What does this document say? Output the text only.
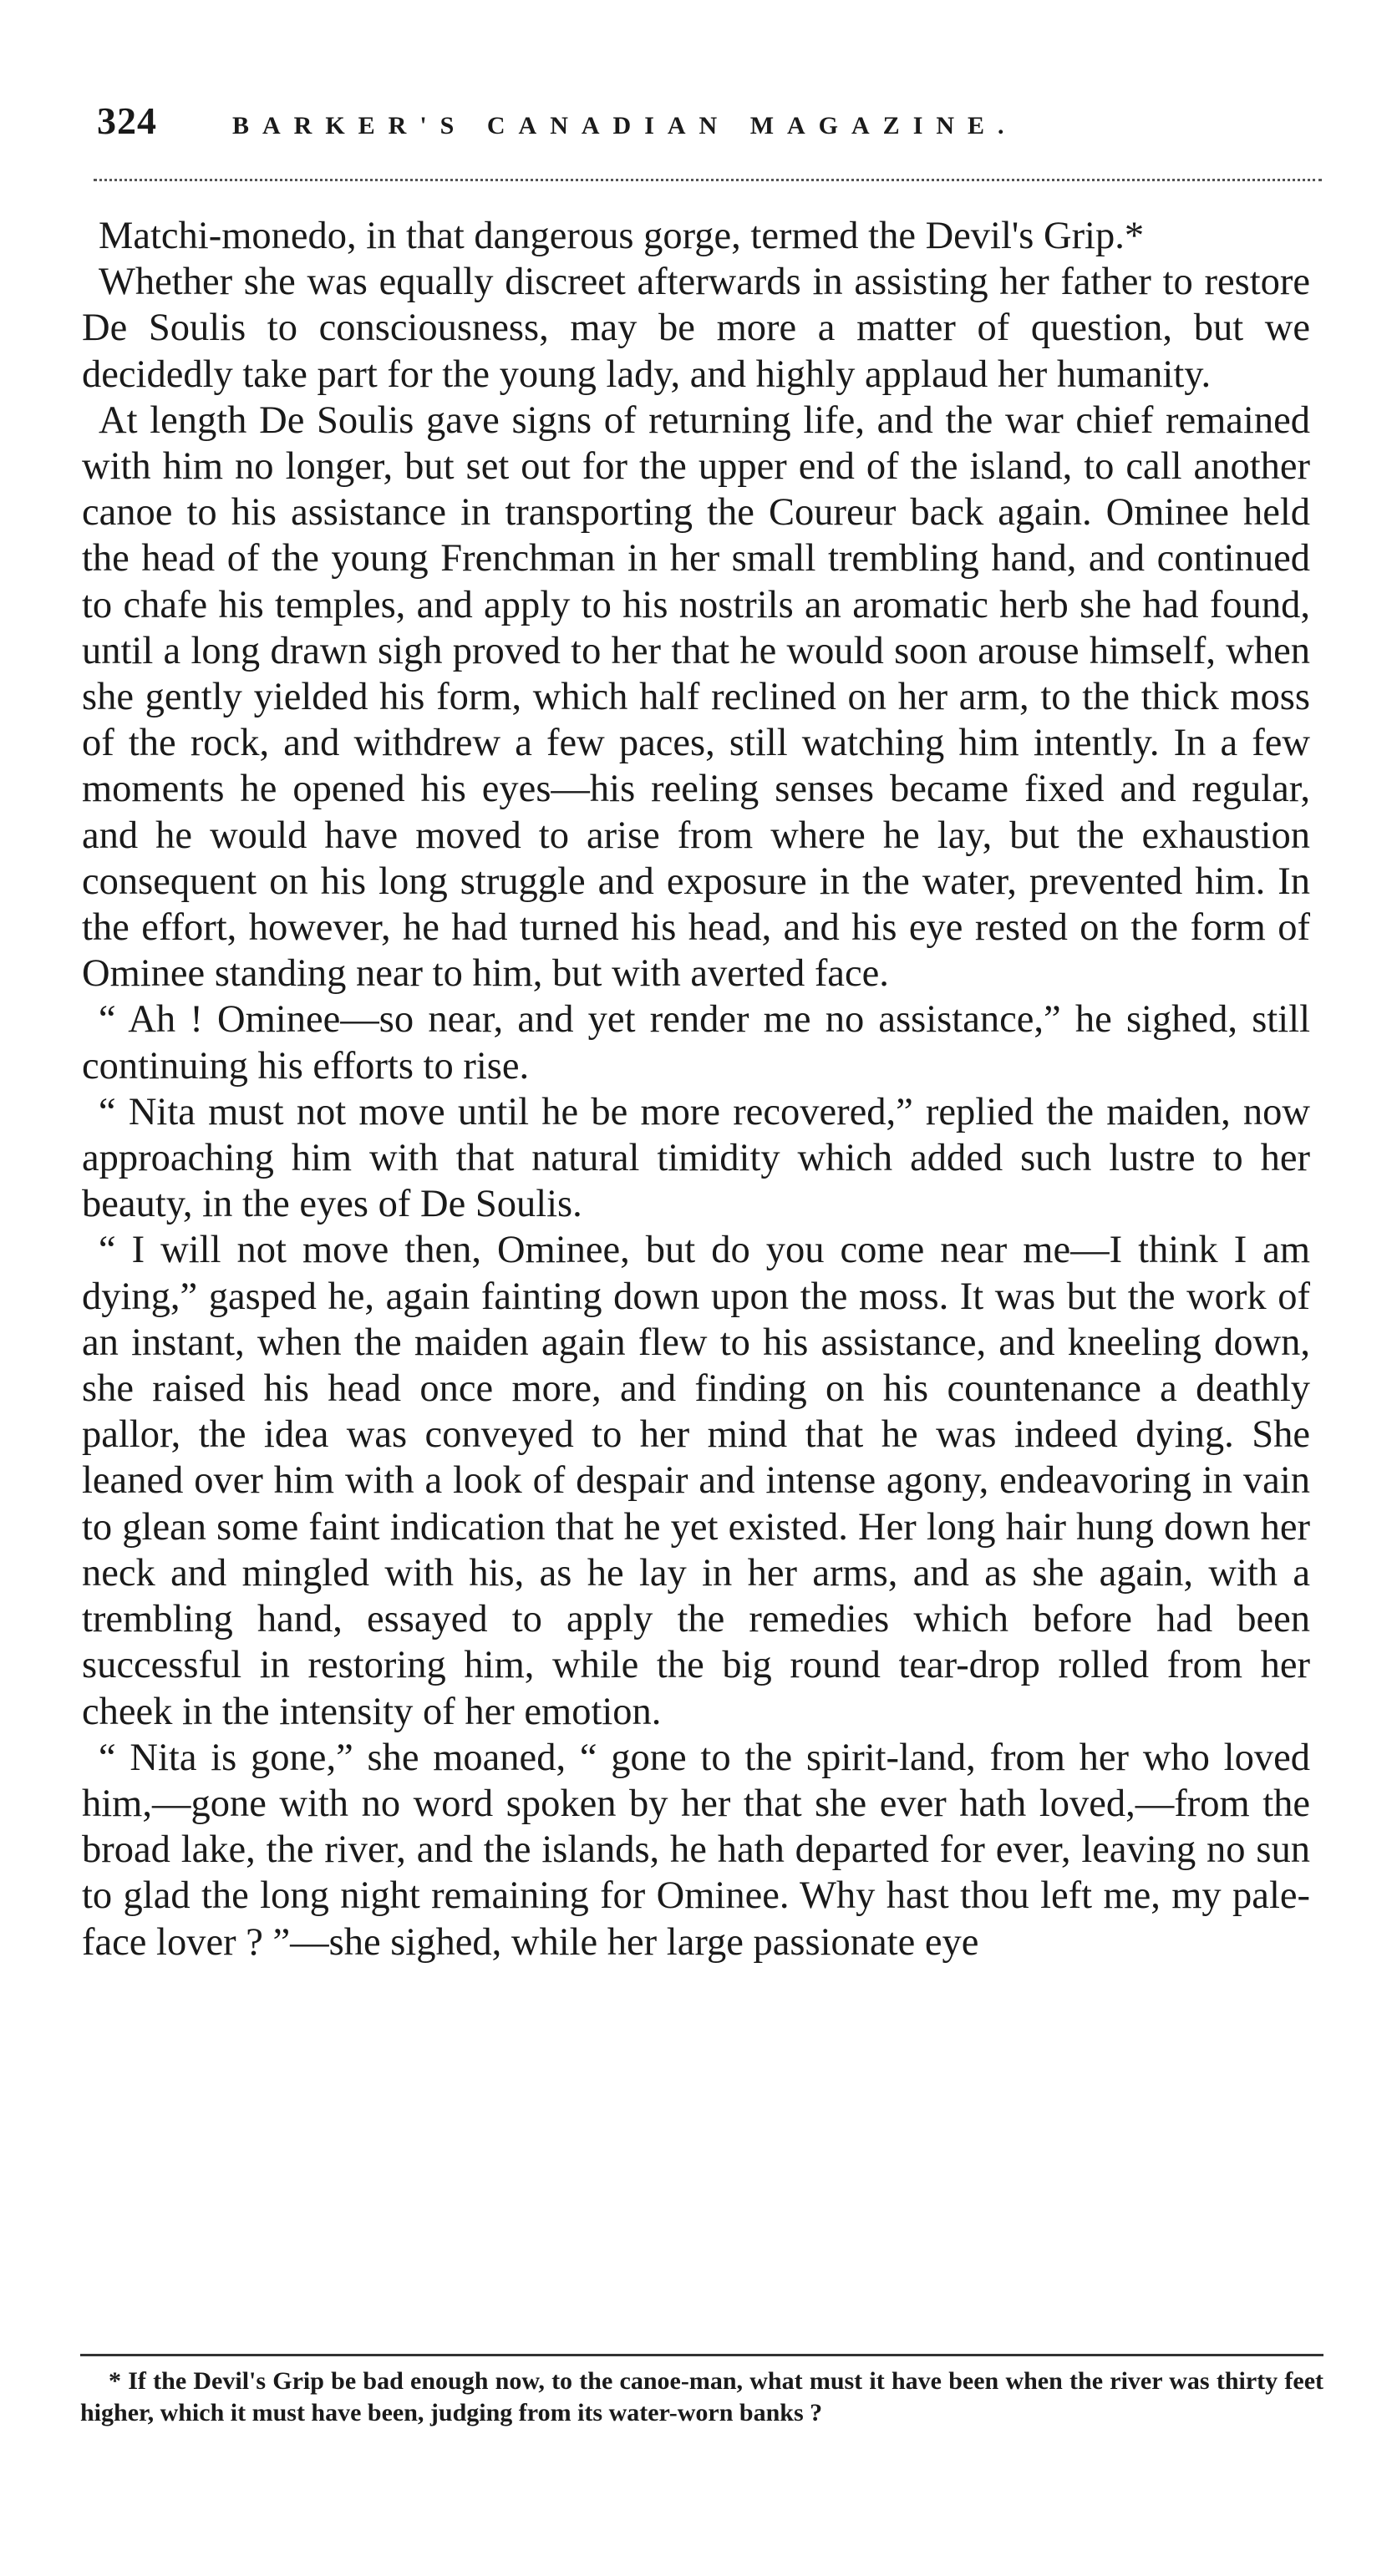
324	BARKER'S CANADIAN MAGAZINE.

Matchi-monedo, in that dangerous gorge, termed the Devil's Grip.*

Whether she was equally discreet afterwards in assisting her father to restore De Soulis to consciousness, may be more a matter of question, but we decidedly take part for the young lady, and highly applaud her humanity.

At length De Soulis gave signs of returning life, and the war chief remained with him no longer, but set out for the upper end of the island, to call another canoe to his assistance in transporting the Coureur back again. Ominee held the head of the young Frenchman in her small trembling hand, and continued to chafe his temples, and apply to his nostrils an aromatic herb she had found, until a long drawn sigh proved to her that he would soon arouse himself, when she gently yielded his form, which half reclined on her arm, to the thick moss of the rock, and withdrew a few paces, still watching him intently. In a few moments he opened his eyes—his reeling senses became fixed and regular, and he would have moved to arise from where he lay, but the exhaustion consequent on his long struggle and exposure in the water, prevented him. In the effort, however, he had turned his head, and his eye rested on the form of Ominee standing near to him, but with averted face.

“ Ah ! Ominee—so near, and yet render me no assistance,” he sighed, still continuing his efforts to rise.

“ Nita must not move until he be more recovered,” replied the maiden, now approaching him with that natural timidity which added such lustre to her beauty, in the eyes of De Soulis.

“ I will not move then, Ominee, but do you come near me—I think I am dying,” gasped he, again fainting down upon the moss. It was but the work of an instant, when the maiden again flew to his assistance, and kneeling down, she raised his head once more, and finding on his countenance a deathly pallor, the idea was conveyed to her mind that he was indeed dying. She leaned over him with a look of despair and intense agony, endeavoring in vain to glean some faint indication that he yet existed. Her long hair hung down her neck and mingled with his, as he lay in her arms, and as she again, with a trembling hand, essayed to apply the remedies which before had been successful in restoring him, while the big round tear-drop rolled from her cheek in the intensity of her emotion.

“ Nita is gone,” she moaned, “ gone to the spirit-land, from her who loved him,—gone with no word spoken by her that she ever hath loved,—from the broad lake, the river, and the islands, he hath departed for ever, leaving no sun to glad the long night remaining for Ominee. Why hast thou left me, my pale-face lover ? ”—she sighed, while her large passionate eye

* If the Devil's Grip be bad enough now, to the canoe-man, what must it have been when the river was thirty feet higher, which it must have been, judging from its water-worn banks ?
